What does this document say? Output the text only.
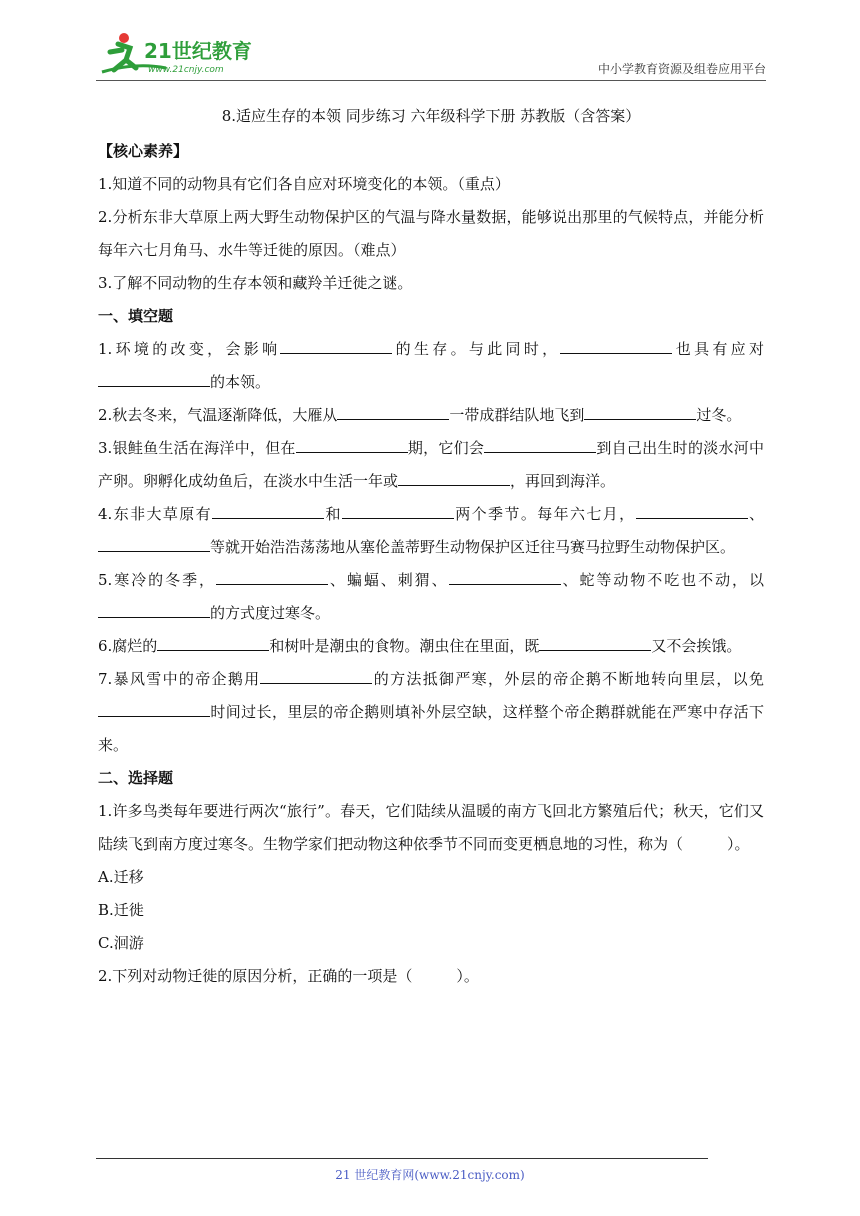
21世纪教育
www.21cnjy.com	中小学教育资源及组卷应用平台

8.适应生存的本领 同步练习 六年级科学下册 苏教版（含答案）

【核心素养】

1.知道不同的动物具有它们各自应对环境变化的本领。（重点）

2.分析东非大草原上两大野生动物保护区的气温与降水量数据，能够说出那里的气候特点，并能分析每年六七月角马、水牛等迁徙的原因。（难点）

3.了解不同动物的生存本领和藏羚羊迁徙之谜。

一、填空题

1.环境的改变，会影响	的生存。与此同时，	也具有应对的本领。

2.秋去冬来，气温逐渐降低，大雁从	一带成群结队地飞到	过冬。

3.银鲑鱼生活在海洋中，但在	期，它们会	到自己出生时的淡水河中产卵。卵孵化成幼鱼后，在淡水中生活一年或	，再回到海洋。

4.东非大草原有	和	两个季节。每年六七月，	、等就开始浩浩荡荡地从塞伦盖蒂野生动物保护区迁往马赛马拉野生动物保护区。

5.寒冷的冬季，	、蝙蝠、刺猬、	、蛇等动物不吃也不动，以的方式度过寒冬。

6.腐烂的	和树叶是潮虫的食物。潮虫住在里面，既	又不会挨饿。

7.暴风雪中的帝企鹅用	的方法抵御严寒，外层的帝企鹅不断地转向里层，以免时间过长，里层的帝企鹅则填补外层空缺，这样整个帝企鹅群就能在严寒中存活下来。

二、选择题

1.许多鸟类每年要进行两次“旅行”。春天，它们陆续从温暖的南方飞回北方繁殖后代；秋天，它们又陆续飞到南方度过寒冬。生物学家们把动物这种依季节不同而变更栖息地的习性，称为（	）。

A.迁移

B.迁徙

C.洄游

2.下列对动物迁徙的原因分析，正确的一项是（	）。

21 世纪教育网(www.21cnjy.com)
